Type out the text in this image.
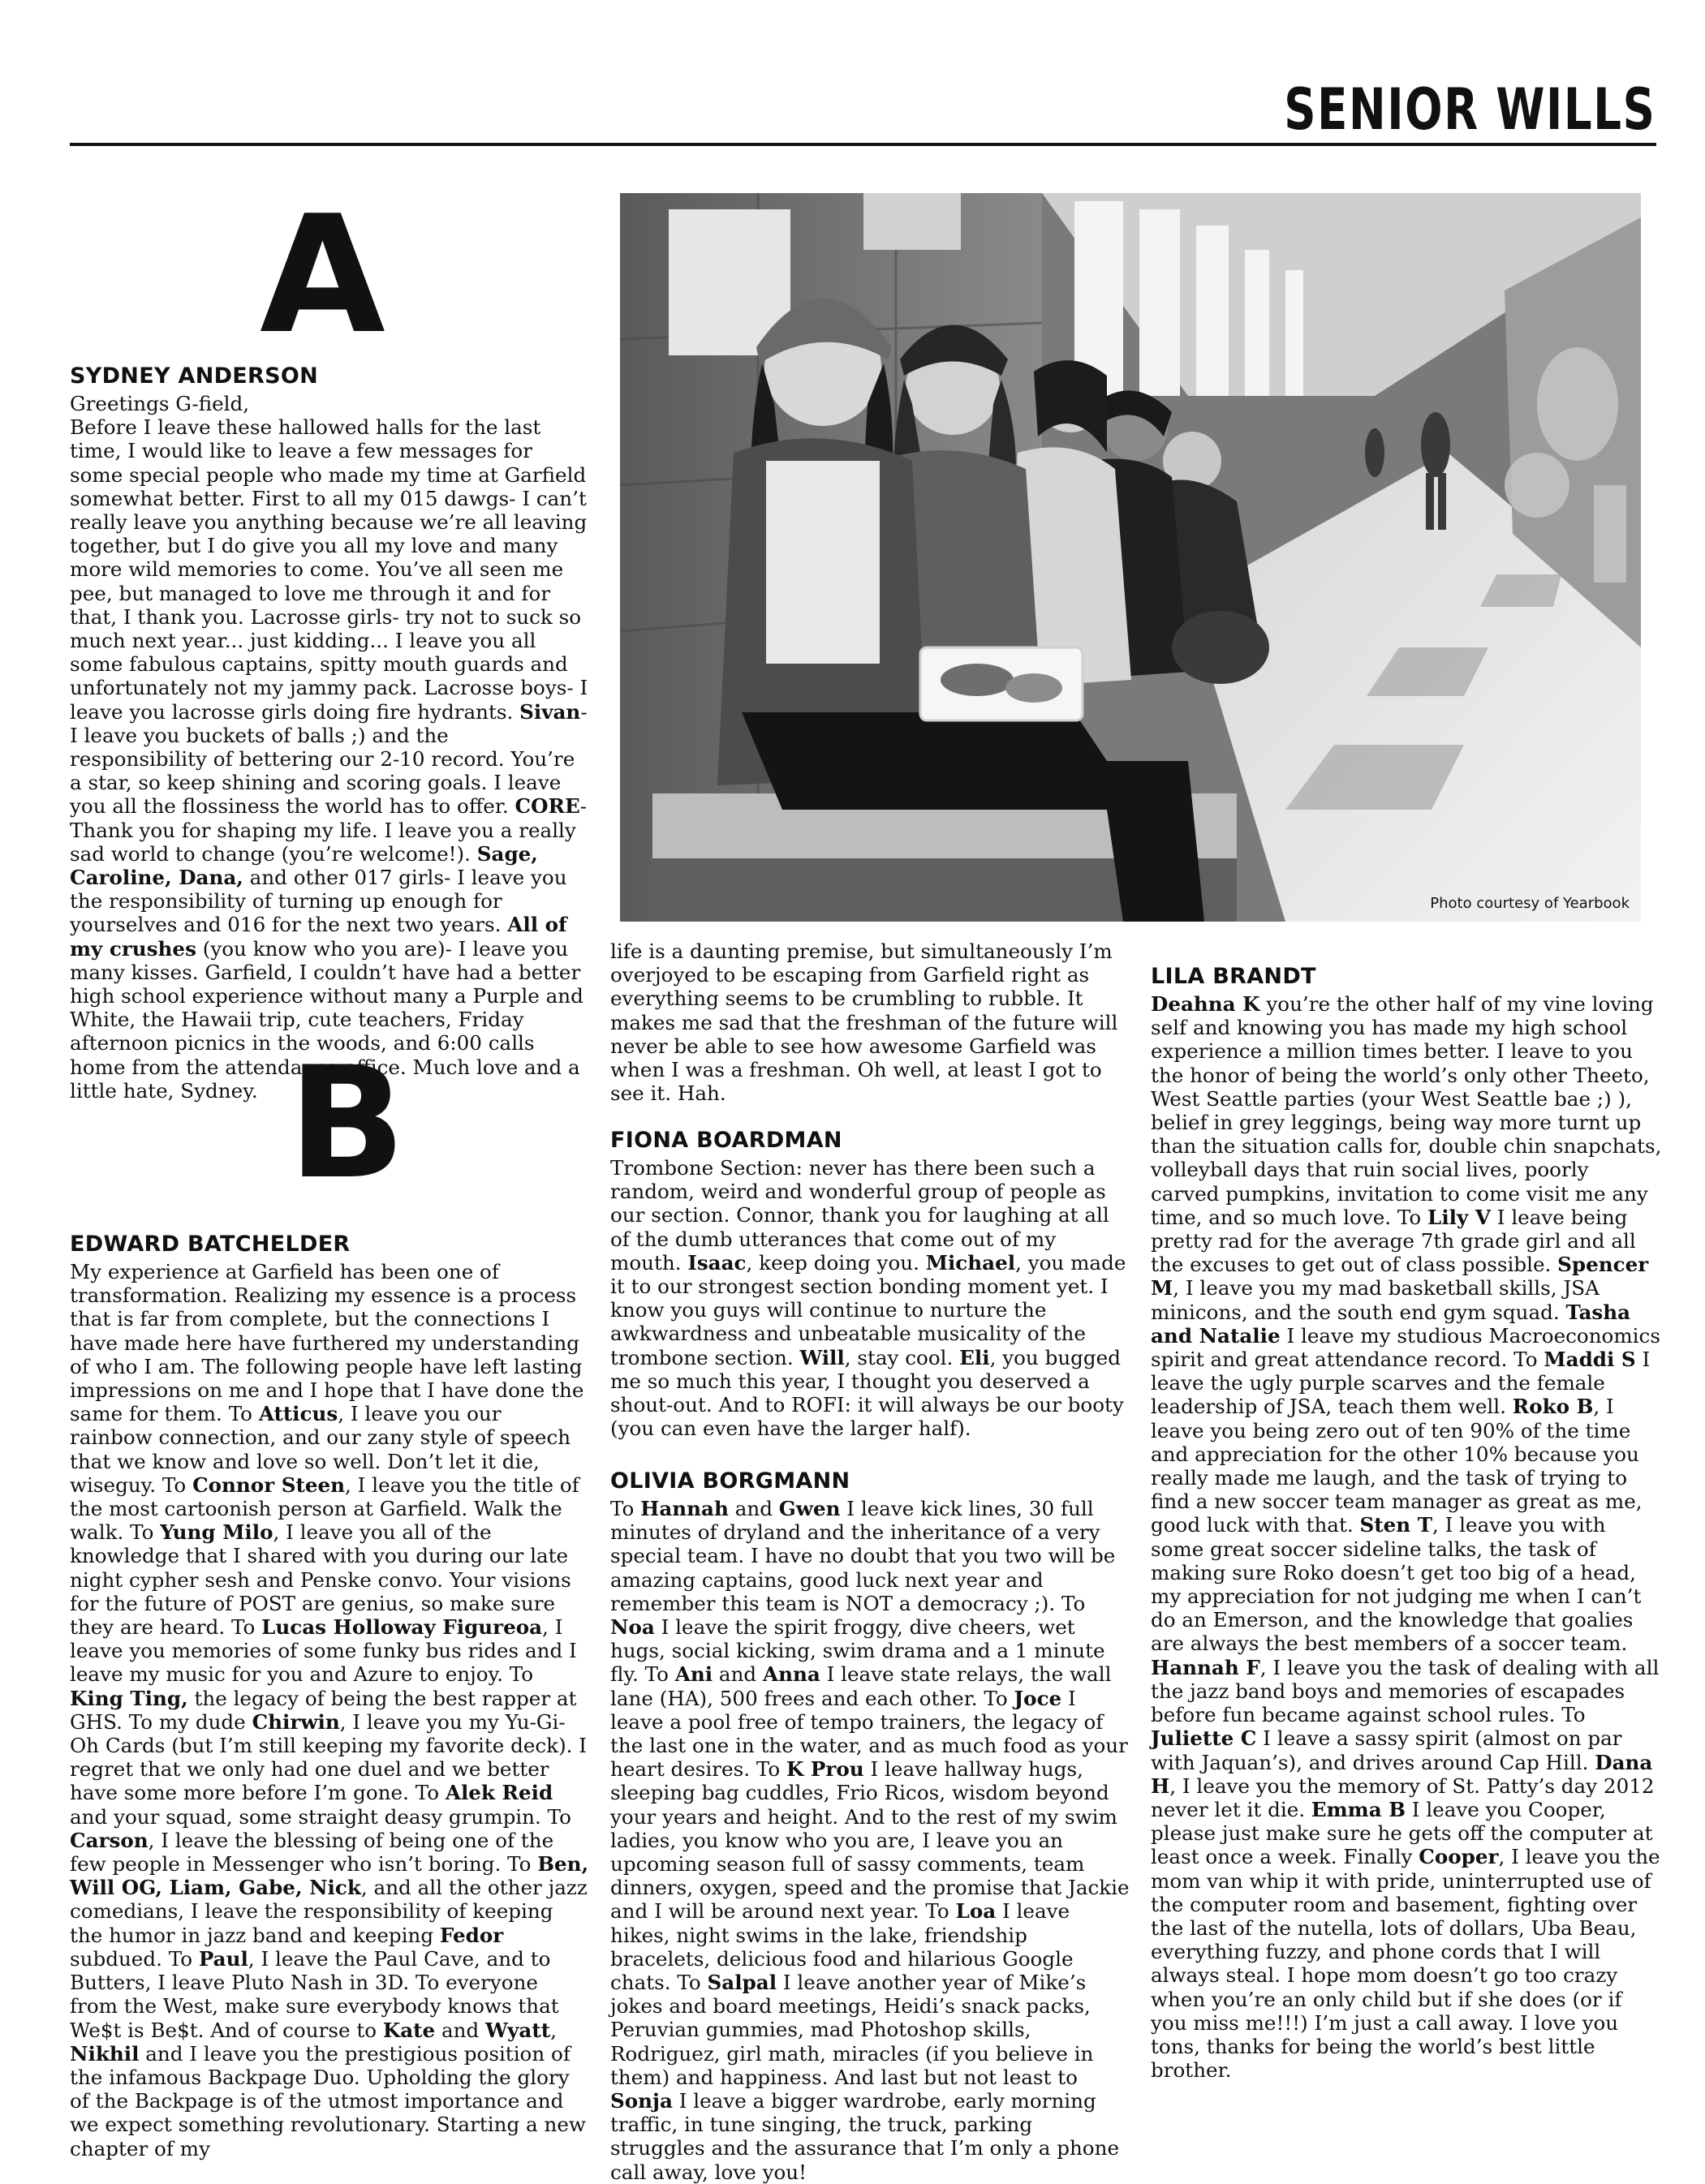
SENIOR WILLS
A
B
SYDNEY ANDERSON

Greetings G-field,
Before I leave these hallowed halls for the last time, I would like to leave a few messages for some special people who made my time at Garfield somewhat better. First to all my 015 dawgs- I can’t really leave you anything because we’re all leaving together, but I do give you all my love and many more wild memories to come. You’ve all seen me pee, but managed to love me through it and for that, I thank you. Lacrosse girls- try not to suck so much next year... just kidding... I leave you all some fabulous captains, spitty mouth guards and unfortunately not my jammy pack. Lacrosse boys- I leave you lacrosse girls doing fire hydrants. Sivan- I leave you buckets of balls ;) and the responsibility of bettering our 2-10 record. You’re a star, so keep shining and scoring goals. I leave you all the flossiness the world has to offer. CORE- Thank you for shaping my life. I leave you a really sad world to change (you’re welcome!). Sage, Caroline, Dana, and other 017 girls- I leave you the responsibility of turning up enough for yourselves and 016 for the next two years. All of my crushes (you know who you are)- I leave you many kisses. Garfield, I couldn’t have had a better high school experience without many a Purple and White, the Hawaii trip, cute teachers, Friday afternoon picnics in the woods, and 6:00 calls home from the attendance office. Much love and a little hate, Sydney.

EDWARD BATCHELDER

My experience at Garfield has been one of transformation. Realizing my essence is a process that is far from complete, but the connections I have made here have furthered my understanding of who I am. The following people have left lasting impressions on me and I hope that I have done the same for them. To Atticus, I leave you our rainbow connection, and our zany style of speech that we know and love so well. Don’t let it die, wiseguy. To Connor Steen, I leave you the title of the most cartoonish person at Garfield. Walk the walk. To Yung Milo, I leave you all of the knowledge that I shared with you during our late night cypher sesh and Penske convo. Your visions for the future of POST are genius, so make sure they are heard. To Lucas Holloway Figureoa, I leave you memories of some funky bus rides and I leave my music for you and Azure to enjoy. To King Ting, the legacy of being the best rapper at GHS. To my dude Chirwin, I leave you my Yu-Gi-Oh Cards (but I’m still keeping my favorite deck). I regret that we only had one duel and we better have some more before I’m gone. To Alek Reid and your squad, some straight deasy grumpin. To Carson, I leave the blessing of being one of the few people in Messenger who isn’t boring. To Ben, Will OG, Liam, Gabe, Nick, and all the other jazz comedians, I leave the responsibility of keeping the humor in jazz band and keeping Fedor subdued. To Paul, I leave the Paul Cave, and to Butters, I leave Pluto Nash in 3D. To everyone from the West, make sure everybody knows that We$t is Be$t. And of course to Kate and Wyatt, Nikhil and I leave you the prestigious position of the infamous Backpage Duo. Upholding the glory of the Backpage is of the utmost importance and we expect something revolutionary. Starting a new chapter of my

life is a daunting premise, but simultaneously I’m overjoyed to be escaping from Garfield right as everything seems to be crumbling to rubble. It makes me sad that the freshman of the future will never be able to see how awesome Garfield was when I was a freshman. Oh well, at least I got to see it. Hah.

FIONA BOARDMAN

Trombone Section: never has there been such a random, weird and wonderful group of people as our section. Connor, thank you for laughing at all of the dumb utterances that come out of my mouth. Isaac, keep doing you. Michael, you made it to our strongest section bonding moment yet. I know you guys will continue to nurture the awkwardness and unbeatable musicality of the trombone section. Will, stay cool. Eli, you bugged me so much this year, I thought you deserved a shout-out. And to ROFI: it will always be our booty (you can even have the larger half).

OLIVIA BORGMANN

To Hannah and Gwen I leave kick lines, 30 full minutes of dryland and the inheritance of a very special team. I have no doubt that you two will be amazing captains, good luck next year and remember this team is NOT a democracy ;). To Noa I leave the spirit froggy, dive cheers, wet hugs, social kicking, swim drama and a 1 minute fly. To Ani and Anna I leave state relays, the wall lane (HA), 500 frees and each other. To Joce I leave a pool free of tempo trainers, the legacy of the last one in the water, and as much food as your heart desires. To K Prou I leave hallway hugs, sleeping bag cuddles, Frio Ricos, wisdom beyond your years and height. And to the rest of my swim ladies, you know who you are, I leave you an upcoming season full of sassy comments, team dinners, oxygen, speed and the promise that Jackie and I will be around next year. To Loa I leave hikes, night swims in the lake, friendship bracelets, delicious food and hilarious Google chats. To Salpal I leave another year of Mike’s jokes and board meetings, Heidi’s snack packs, Peruvian gummies, mad Photoshop skills, Rodriguez, girl math, miracles (if you believe in them) and happiness. And last but not least to Sonja I leave a bigger wardrobe, early morning traffic, in tune singing, the truck, parking struggles and the assurance that I’m only a phone call away, love you!

LILA BRANDT

Deahna K you’re the other half of my vine loving self and knowing you has made my high school experience a million times better. I leave to you the honor of being the world’s only other Theeto, West Seattle parties (your West Seattle bae ;) ), belief in grey leggings, being way more turnt up than the situation calls for, double chin snapchats, volleyball days that ruin social lives, poorly carved pumpkins, invitation to come visit me any time, and so much love. To Lily V I leave being pretty rad for the average 7th grade girl and all the excuses to get out of class possible. Spencer M, I leave you my mad basketball skills, JSA minicons, and the south end gym squad. Tasha and Natalie I leave my studious Macroeconomics spirit and great attendance record. To Maddi S I leave the ugly purple scarves and the female leadership of JSA, teach them well. Roko B, I leave you being zero out of ten 90% of the time and appreciation for the other 10% because you really made me laugh, and the task of trying to find a new soccer team manager as great as me, good luck with that. Sten T, I leave you with some great soccer sideline talks, the task of making sure Roko doesn’t get too big of a head, my appreciation for not judging me when I can’t do an Emerson, and the knowledge that goalies are always the best members of a soccer team. Hannah F, I leave you the task of dealing with all the jazz band boys and memories of escapades before fun became against school rules. To Juliette C I leave a sassy spirit (almost on par with Jaquan’s), and drives around Cap Hill. Dana H, I leave you the memory of St. Patty’s day 2012 never let it die. Emma B I leave you Cooper, please just make sure he gets off the computer at least once a week. Finally Cooper, I leave you the mom van whip it with pride, uninterrupted use of the computer room and basement, fighting over the last of the nutella, lots of dollars, Uba Beau, everything fuzzy, and phone cords that I will always steal. I hope mom doesn’t go too crazy when you’re an only child but if she does (or if you miss me!!!) I’m just a call away. I love you tons, thanks for being the world’s best little brother.

Photo courtesy of Yearbook
